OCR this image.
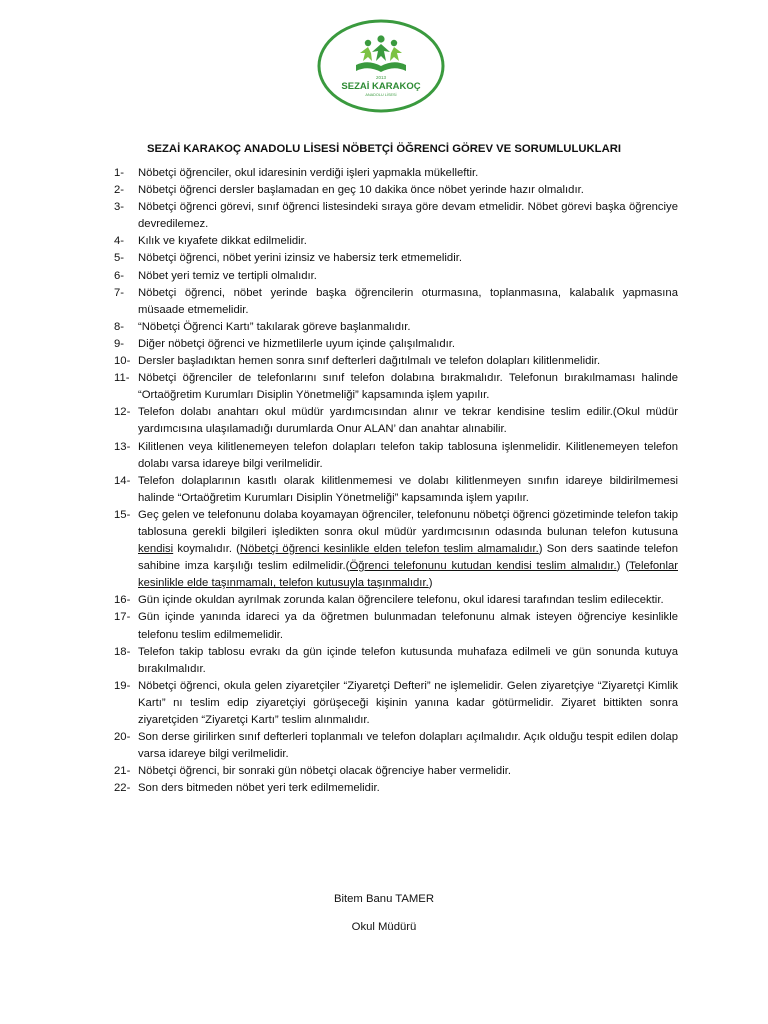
2013
SEZAİ KARAKOÇ
ANADOLU LİSESİ
SEZAİ KARAKOÇ ANADOLU LİSESİ NÖBETÇİ ÖĞRENCİ GÖREV VE SORUMLULUKLARI
1-	Nöbetçi öğrenciler, okul idaresinin verdiği işleri yapmakla mükelleftir.
2-	Nöbetçi öğrenci dersler başlamadan en geç 10 dakika önce nöbet yerinde hazır olmalıdır.
3-	Nöbetçi öğrenci görevi, sınıf öğrenci listesindeki sıraya göre devam etmelidir. Nöbet görevi başka öğrenciye devredilemez.
4-	Kılık ve kıyafete dikkat edilmelidir.
5-	Nöbetçi öğrenci, nöbet yerini izinsiz ve habersiz terk etmemelidir.
6-	Nöbet yeri temiz ve tertipli olmalıdır.
7-	Nöbetçi öğrenci, nöbet yerinde başka öğrencilerin oturmasına, toplanmasına, kalabalık yapmasına müsaade etmemelidir.
8-	“Nöbetçi Öğrenci Kartı” takılarak göreve başlanmalıdır.
9-	Diğer nöbetçi öğrenci ve hizmetlilerle uyum içinde çalışılmalıdır.
10- Dersler başladıktan hemen sonra sınıf defterleri dağıtılmalı ve telefon dolapları kilitlenmelidir.
11- Nöbetçi öğrenciler de telefonlarını sınıf telefon dolabına bırakmalıdır. Telefonun bırakılmaması halinde “Ortaöğretim Kurumları Disiplin Yönetmeliği” kapsamında işlem yapılır.
12- Telefon dolabı anahtarı okul müdür yardımcısından alınır ve tekrar kendisine teslim edilir.(Okul müdür yardımcısına ulaşılamadığı durumlarda Onur ALAN’ dan anahtar alınabilir.
13- Kilitlenen veya kilitlenemeyen telefon dolapları telefon takip tablosuna işlenmelidir. Kilitlenemeyen telefon dolabı varsa idareye bilgi verilmelidir.
14- Telefon dolaplarının kasıtlı olarak kilitlenmemesi ve dolabı kilitlenmeyen sınıfın idareye bildirilmemesi halinde “Ortaöğretim Kurumları Disiplin Yönetmeliği” kapsamında işlem yapılır.
15- Geç gelen ve telefonunu dolaba koyamayan öğrenciler, telefonunu nöbetçi öğrenci gözetiminde telefon takip tablosuna gerekli bilgileri işledikten sonra okul müdür yardımcısının odasında bulunan telefon kutusuna kendisi koymalıdır. (Nöbetçi öğrenci kesinlikle elden telefon teslim almamalıdır.) Son ders saatinde telefon sahibine imza karşılığı teslim edilmelidir.(Öğrenci telefonunu kutudan kendisi teslim almalıdır.) (Telefonlar kesinlikle elde taşınmamalı, telefon kutusuyla taşınmalıdır.)
16- Gün içinde okuldan ayrılmak zorunda kalan öğrencilere telefonu, okul idaresi tarafından teslim edilecektir.
17- Gün içinde yanında idareci ya da öğretmen bulunmadan telefonunu almak isteyen öğrenciye kesinlikle telefonu teslim edilmemelidir.
18- Telefon takip tablosu evrakı da gün içinde telefon kutusunda muhafaza edilmeli ve gün sonunda kutuya bırakılmalıdır.
19- Nöbetçi öğrenci, okula gelen ziyaretçiler “Ziyaretçi Defteri” ne işlemelidir. Gelen ziyaretçiye “Ziyaretçi Kimlik Kartı” nı teslim edip ziyaretçiyi görüşeceği kişinin yanına kadar götürmelidir. Ziyaret bittikten sonra ziyaretçiden “Ziyaretçi Kartı” teslim alınmalıdır.
20- Son derse girilirken sınıf defterleri toplanmalı ve telefon dolapları açılmalıdır. Açık olduğu tespit edilen dolap varsa idareye bilgi verilmelidir.
21- Nöbetçi öğrenci, bir sonraki gün nöbetçi olacak öğrenciye haber vermelidir.
22- Son ders bitmeden nöbet yeri terk edilmemelidir.
Bitem Banu TAMER
Okul Müdürü
